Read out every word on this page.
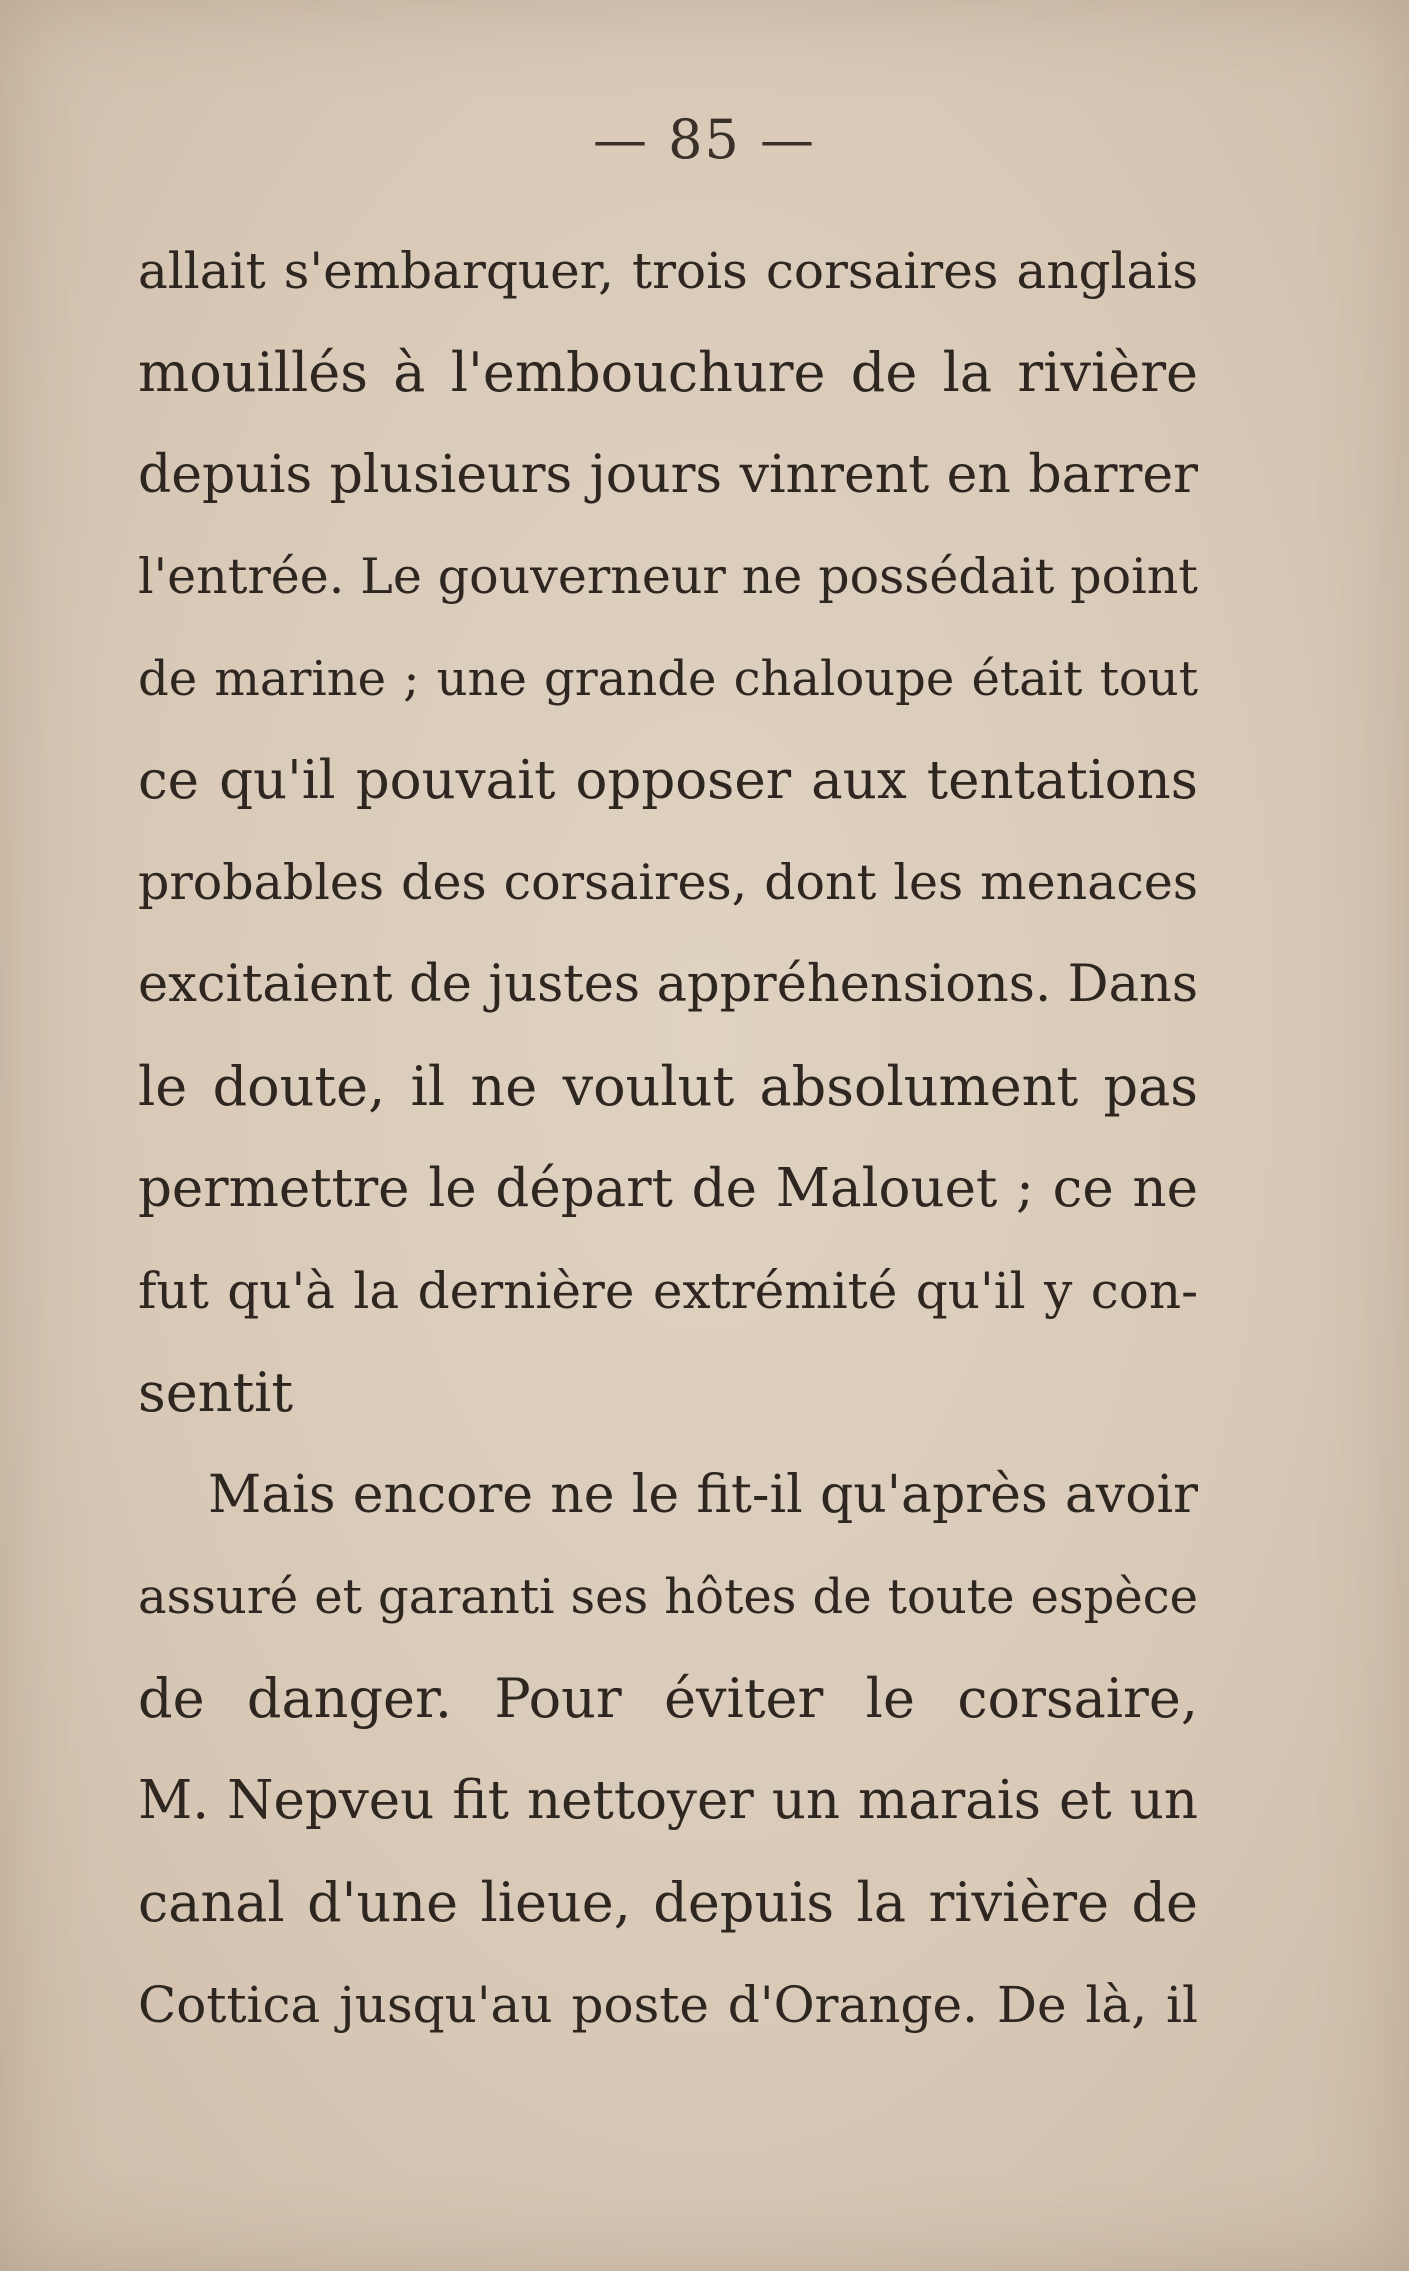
— 85 —
allait s'embarquer, trois corsaires anglais
mouillés à l'embouchure de la rivière
depuis plusieurs jours vinrent en barrer
l'entrée. Le gouverneur ne possédait point
de marine ; une grande chaloupe était tout
ce qu'il pouvait opposer aux tentations
probables des corsaires, dont les menaces
excitaient de justes appréhensions. Dans
le doute, il ne voulut absolument pas
permettre le départ de Malouet ; ce ne
fut qu'à la dernière extrémité qu'il y con-
sentit
Mais encore ne le fit-il qu'après avoir
assuré et garanti ses hôtes de toute espèce
de danger. Pour éviter le corsaire,
M. Nepveu fit nettoyer un marais et un
canal d'une lieue, depuis la rivière de
Cottica jusqu'au poste d'Orange. De là, il
